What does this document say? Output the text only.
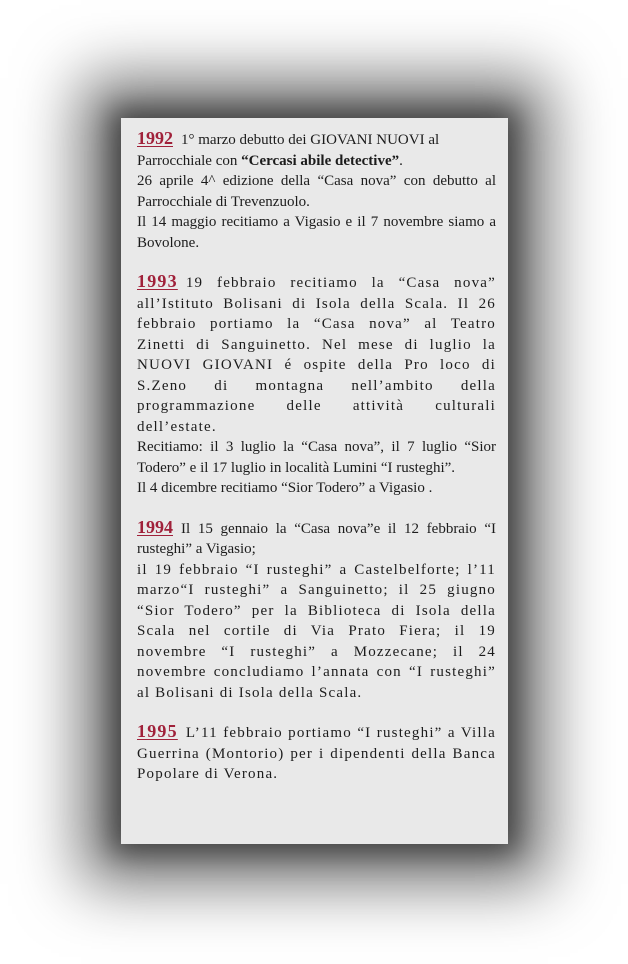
1992 1° marzo debutto dei GIOVANI NUOVI al
Parrocchiale con “Cercasi abile detective”.
26 aprile 4^ edizione della “Casa nova” con debutto al Parrocchiale di Trevenzuolo.
Il 14 maggio recitiamo a Vigasio e il 7 novembre siamo a Bovolone.

1993 19 febbraio recitiamo la “Casa nova” all’Istituto Bolisani di Isola della Scala. Il 26 febbraio portiamo la “Casa nova” al Teatro Zinetti di Sanguinetto. Nel mese di luglio la NUOVI GIOVANI é ospite della Pro loco di S.Zeno di montagna nell’ambito della programmazione delle attività culturali dell’estate.

Recitiamo: il 3 luglio la “Casa nova”, il 7 luglio “Sior Todero” e il 17 luglio in località Lumini “I rusteghi”.

Il 4 dicembre recitiamo “Sior Todero” a Vigasio .

1994 Il 15 gennaio la “Casa nova”e il 12 febbraio “I rusteghi” a Vigasio;

il 19 febbraio “I rusteghi” a Castelbelforte; l’11 marzo“I rusteghi” a Sanguinetto; il 25 giugno “Sior Todero” per la Biblioteca di Isola della Scala nel cortile di Via Prato Fiera; il 19 novembre “I rusteghi” a Mozzecane; il 24 novembre concludiamo l’annata con “I rusteghi” al Bolisani di Isola della Scala.

1995 L’11 febbraio portiamo “I rusteghi” a Villa Guerrina (Montorio) per i dipendenti della Banca Popolare di Verona.
